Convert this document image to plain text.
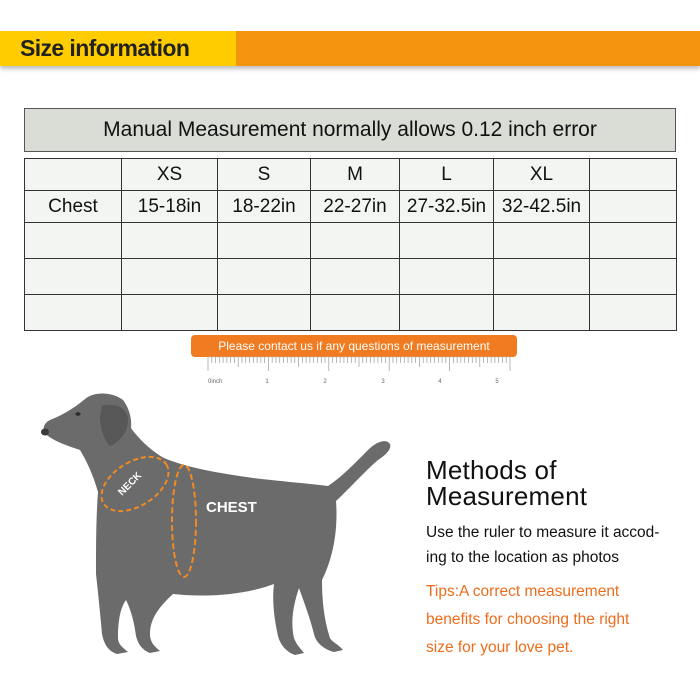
Size information
Manual Measurement normally allows 0.12 inch error
	XS	S	M	L	XL	
Chest	15-18in	18-22in	22-27in	27-32.5in	32-42.5in	

Please contact us if any questions of measurement
0inch	1	2	3	4	5
NECK
CHEST
Methods of
Measurement
Use the ruler to measure it accod-
ing to the location as photos
Tips:A correct measurement
benefits for choosing the right
size for your love pet.
